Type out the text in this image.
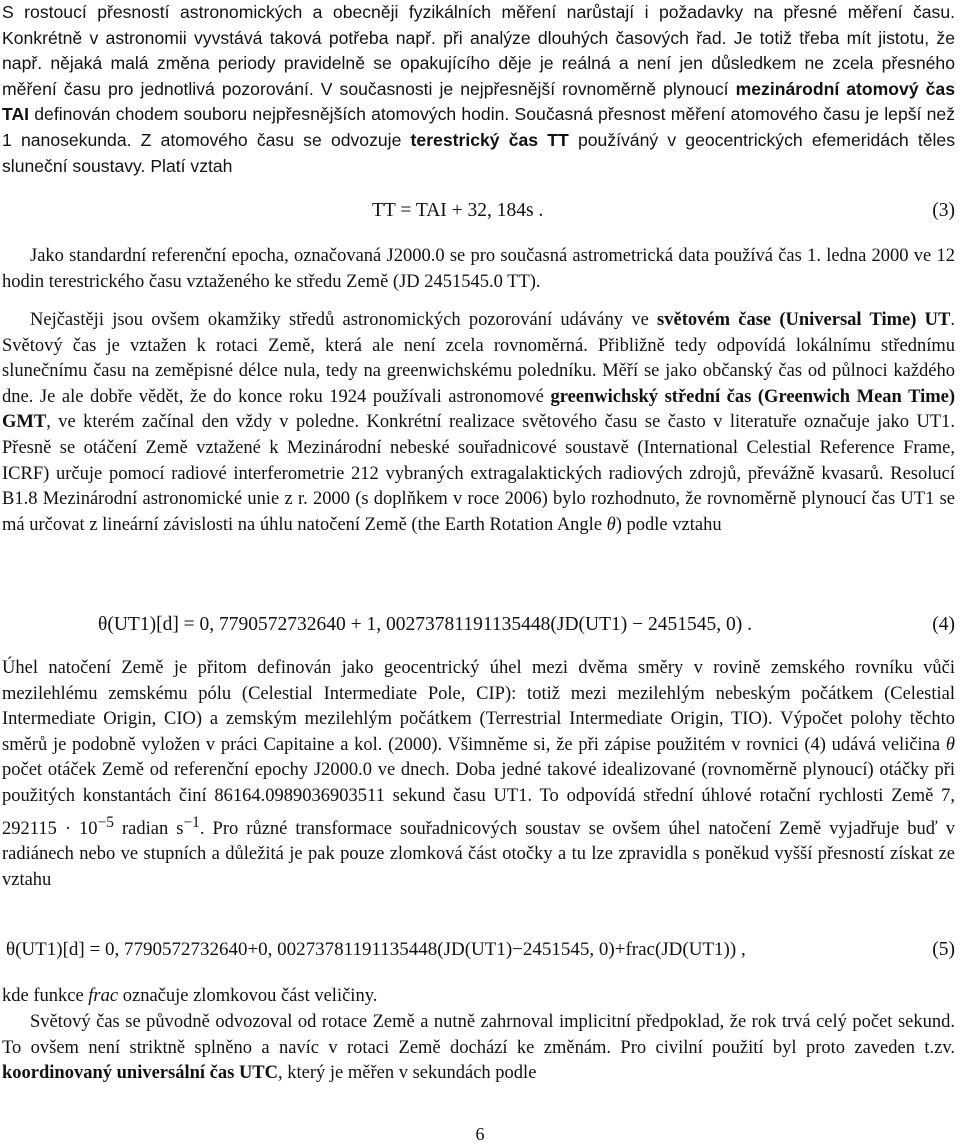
S rostoucí přesností astronomických a obecněji fyzikálních měření narůstají i požadavky na přesné měření času. Konkrétně v astronomii vyvstává taková potřeba např. při analýze dlouhých časových řad. Je totiž třeba mít jistotu, že např. nějaká malá změna periody pravidelně se opakujícího děje je reálná a není jen důsledkem ne zcela přesného měření času pro jednotlivá pozorování. V současnosti je nejpřesnější rovnoměrně plynoucí mezinárodní atomový čas TAI definován chodem souboru nejpřesnějších atomových hodin. Současná přesnost měření atomového času je lepší než 1 nanosekunda. Z atomového času se odvozuje terestrický čas TT používáný v geocentrických efemeridách těles sluneční soustavy. Platí vztah

TT = TAI + 32, 184s .	(3)

Jako standardní referenční epocha, označovaná J2000.0 se pro současná astrometrická data používá čas 1. ledna 2000 ve 12 hodin terestrického času vztaženého ke středu Země (JD 2451545.0 TT).

Nejčastěji jsou ovšem okamžiky středů astronomických pozorování udávány ve světovém čase (Universal Time) UT. Světový čas je vztažen k rotaci Země, která ale není zcela rovnoměrná. Přibližně tedy odpovídá lokálnímu střednímu slunečnímu času na zeměpisné délce nula, tedy na greenwichskému poledníku. Měří se jako občanský čas od půlnoci každého dne. Je ale dobře vědět, že do konce roku 1924 používali astronomové greenwichský střední čas (Greenwich Mean Time) GMT, ve kterém začínal den vždy v poledne. Konkrétní realizace světového času se často v literatuře označuje jako UT1. Přesně se otáčení Země vztažené k Mezinárodní nebeské souřadnicové soustavě (International Celestial Reference Frame, ICRF) určuje pomocí radiové interferometrie 212 vybraných extragalaktických radiových zdrojů, převážně kvasarů. Resolucí B1.8 Mezinárodní astronomické unie z r. 2000 (s doplňkem v roce 2006) bylo rozhodnuto, že rovnoměrně plynoucí čas UT1 se má určovat z lineární závislosti na úhlu natočení Země (the Earth Rotation Angle θ) podle vztahu

θ(UT1)[d] = 0, 7790572732640 + 1, 00273781191135448(JD(UT1) − 2451545, 0) .	(4)

Úhel natočení Země je přitom definován jako geocentrický úhel mezi dvěma směry v rovině zemského rovníku vůči mezilehlému zemskému pólu (Celestial Intermediate Pole, CIP): totiž mezi mezilehlým nebeským počátkem (Celestial Intermediate Origin, CIO) a zemským mezilehlým počátkem (Terrestrial Intermediate Origin, TIO). Výpočet polohy těchto směrů je podobně vyložen v práci Capitaine a kol. (2000). Všimněme si, že při zápise použitém v rovnici (4) udává veličina θ počet otáček Země od referenční epochy J2000.0 ve dnech. Doba jedné takové idealizované (rovnoměrně plynoucí) otáčky při použitých konstantách činí 86164.0989036903511 sekund času UT1. To odpovídá střední úhlové rotační rychlosti Země 7, $292115 \cdot 10^{-5}$ radian $s^{-1}$. Pro různé transformace souřadnicových soustav se ovšem úhel natočení Země vyjadřuje buď v radiánech nebo ve stupních a důležitá je pak pouze zlomková část otočky a tu lze zpravidla s poněkud vyšší přesností získat ze vztahu

θ(UT1)[d] = 0, 7790572732640+0, 00273781191135448(JD(UT1)−2451545, 0)+frac(JD(UT1)) ,	(5)

kde funkce frac označuje zlomkovou část veličiny.

Světový čas se původně odvozoval od rotace Země a nutně zahrnoval implicitní předpoklad, že rok trvá celý počet sekund. To ovšem není striktně splněno a navíc v rotaci Země dochází ke změnám. Pro civilní použití byl proto zaveden t.zv. koordinovaný universální čas UTC, který je měřen v sekundách podle

6
